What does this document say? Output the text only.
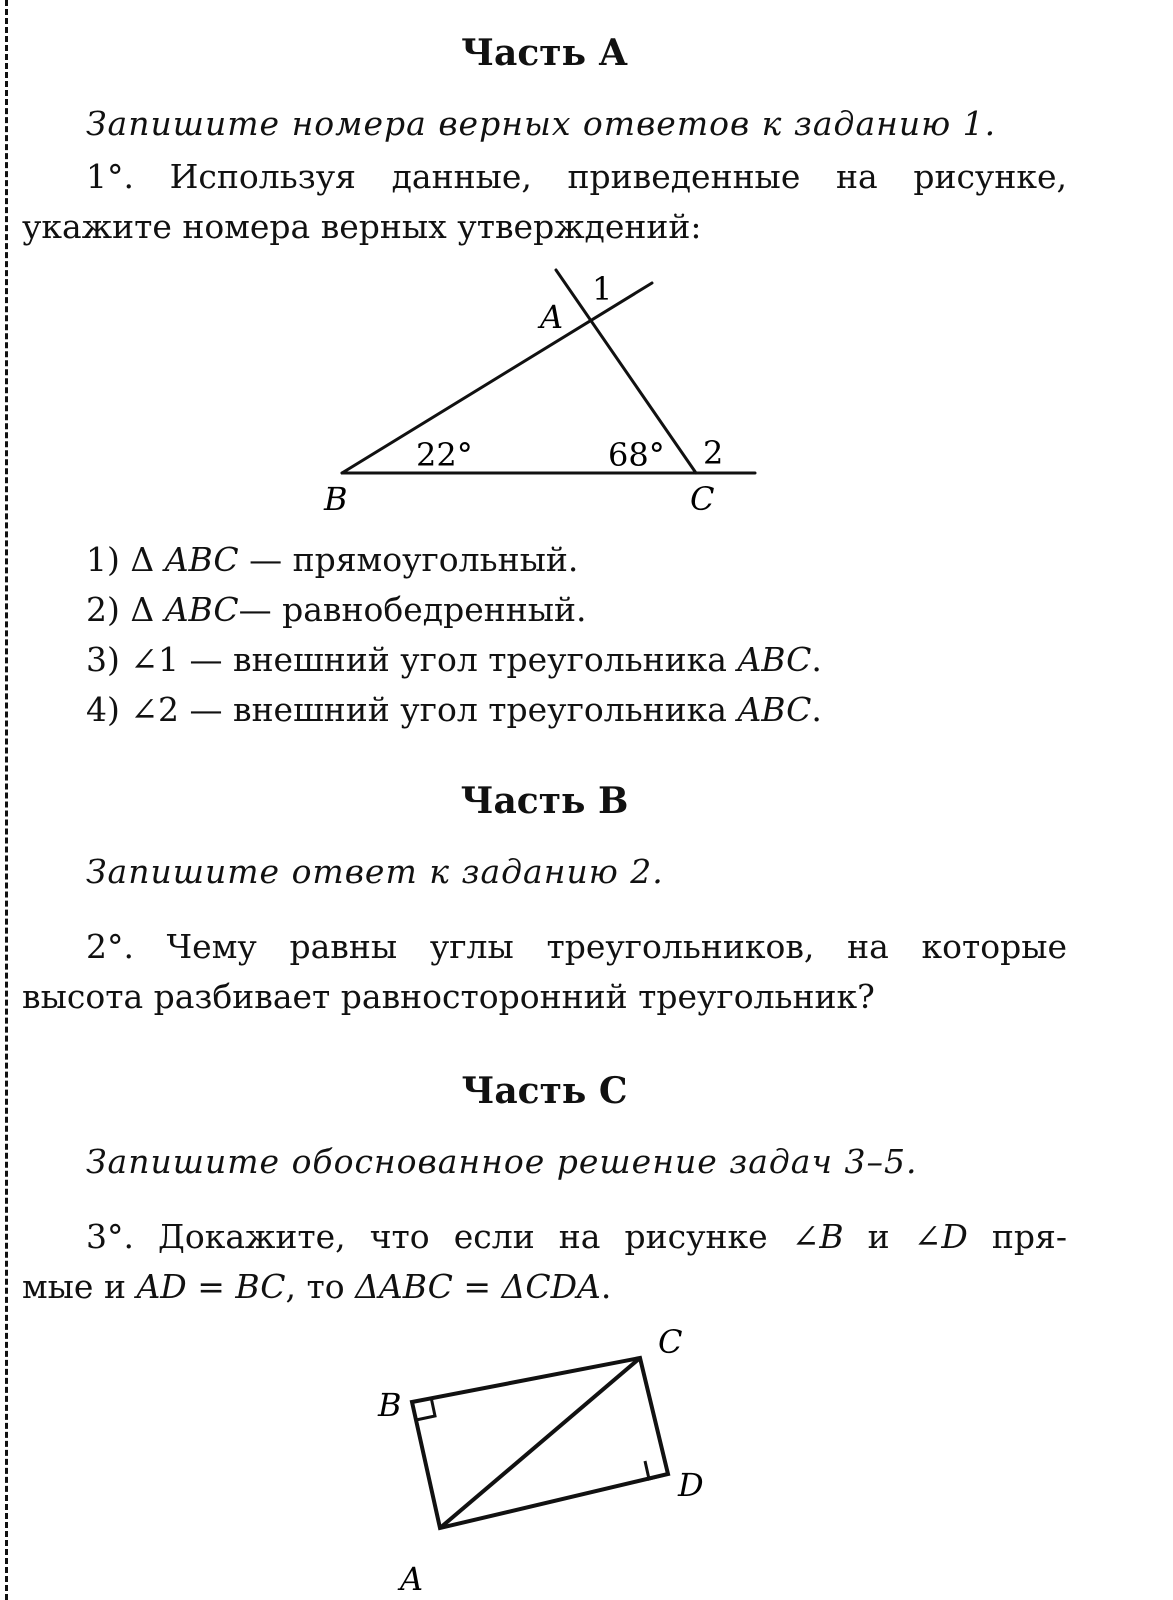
Часть А
Запишите номера верных ответов к заданию 1.
1°. Используя данные, приведенные на рисунке,
укажите номера верных утверждений:
A
1
B	C
2
22°	68°
1) Δ ABC — прямоугольный.
2) Δ ABC— равнобедренный.
3) ∠1 — внешний угол треугольника ABC.
4) ∠2 — внешний угол треугольника ABC.
Часть В
Запишите ответ к заданию 2.
2°. Чему равны углы треугольников, на которые
высота разбивает равносторонний треугольник?
Часть С
Запишите обоснованное решение задач 3–5.
3°. Докажите, что если на рисунке ∠B и ∠D пря-
мые и AD = BC, то ΔABC = ΔCDA.
A
B
C
D
